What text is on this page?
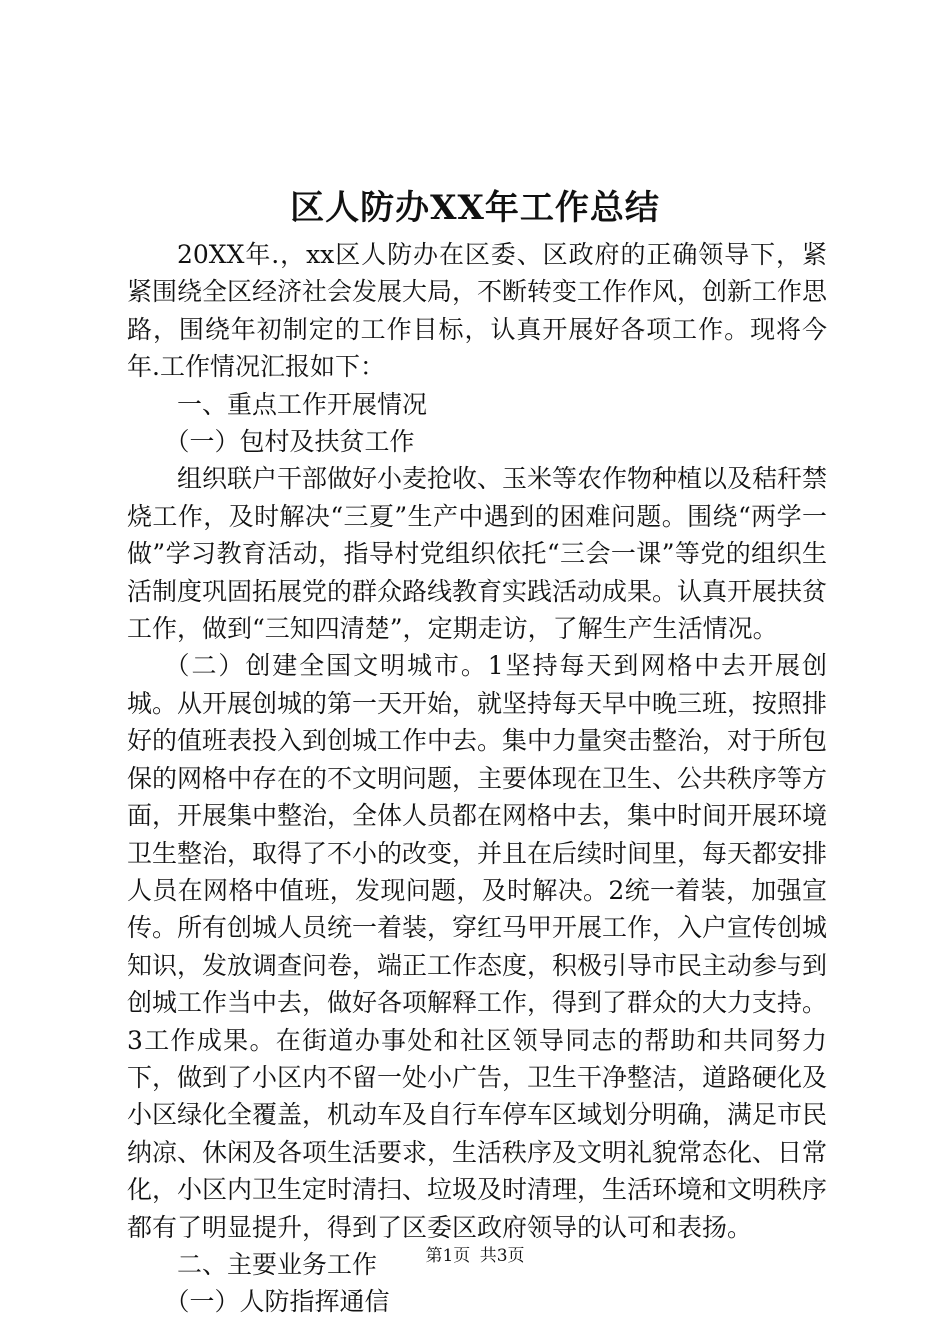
区人防办XX年工作总结

20XX年.，xx区人防办在区委、区政府的正确领导下，紧紧围绕全区经济社会发展大局，不断转变工作作风，创新工作思路，围绕年初制定的工作目标，认真开展好各项工作。现将今年.工作情况汇报如下：

一、重点工作开展情况

（一）包村及扶贫工作

组织联户干部做好小麦抢收、玉米等农作物种植以及秸秆禁烧工作，及时解决“三夏”生产中遇到的困难问题。围绕“两学一做”学习教育活动，指导村党组织依托“三会一课”等党的组织生活制度巩固拓展党的群众路线教育实践活动成果。认真开展扶贫工作，做到“三知四清楚”，定期走访，了解生产生活情况。

（二）创建全国文明城市。1坚持每天到网格中去开展创城。从开展创城的第一天开始，就坚持每天早中晚三班，按照排好的值班表投入到创城工作中去。集中力量突击整治，对于所包保的网格中存在的不文明问题，主要体现在卫生、公共秩序等方面，开展集中整治，全体人员都在网格中去，集中时间开展环境卫生整治，取得了不小的改变，并且在后续时间里，每天都安排人员在网格中值班，发现问题，及时解决。2统一着装，加强宣传。所有创城人员统一着装，穿红马甲开展工作，入户宣传创城知识，发放调查问卷，端正工作态度，积极引导市民主动参与到创城工作当中去，做好各项解释工作，得到了群众的大力支持。3工作成果。在街道办事处和社区领导同志的帮助和共同努力下，做到了小区内不留一处小广告，卫生干净整洁，道路硬化及小区绿化全覆盖，机动车及自行车停车区域划分明确，满足市民纳凉、休闲及各项生活要求，生活秩序及文明礼貌常态化、日常化，小区内卫生定时清扫、垃圾及时清理，生活环境和文明秩序都有了明显提升，得到了区委区政府领导的认可和表扬。

二、主要业务工作

（一）人防指挥通信

第1页 共3页
